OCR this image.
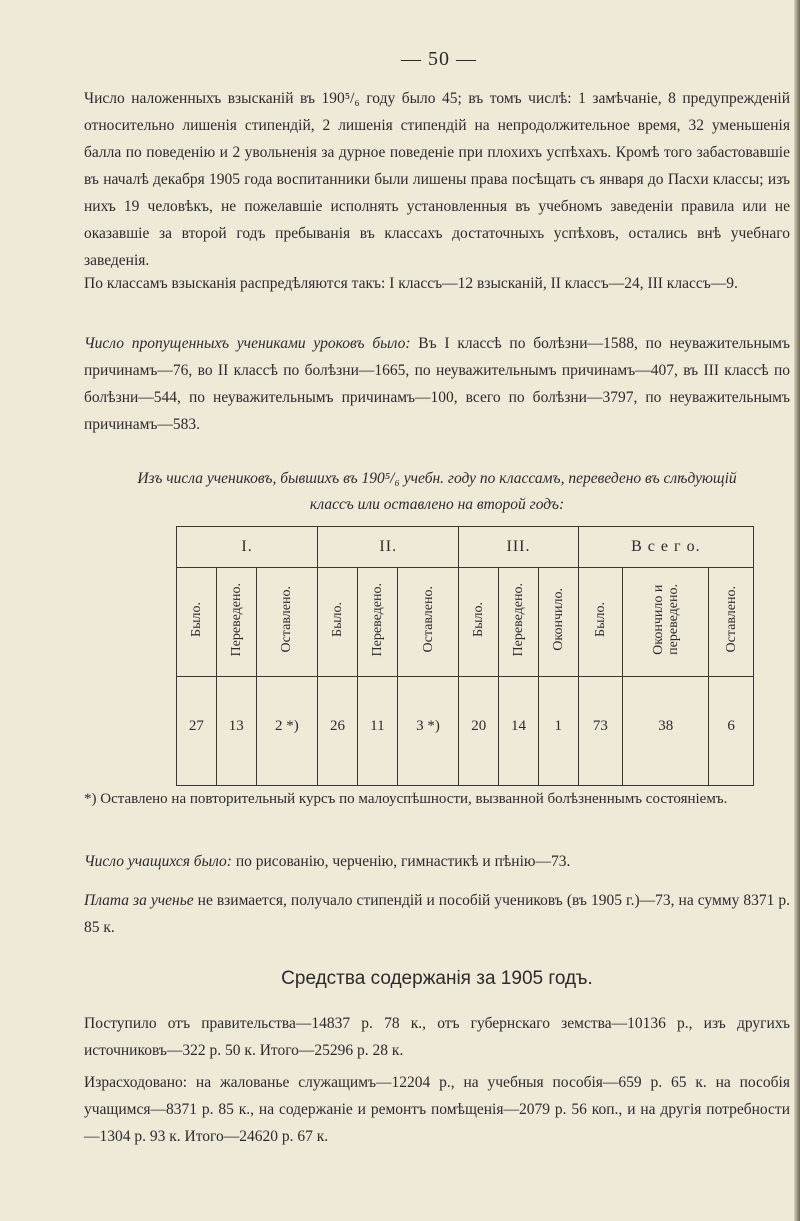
— 50 —

Число наложенныхъ взысканій въ 190⁵/₆ году было 45; въ томъ числѣ: 1 замѣчаніе, 8 предупрежденій относительно лишенія стипендій, 2 лишенія стипендій на непродолжительное время, 32 уменьшенія балла по поведенію и 2 увольненія за дурное поведеніе при плохихъ успѣхахъ. Кромѣ того забастовавшіе въ началѣ декабря 1905 года воспитанники были лишены права посѣщать съ января до Пасхи классы; изъ нихъ 19 человѣкъ, не пожелавшіе исполнять установленныя въ учебномъ заведеніи правила или не оказавшіе за второй годъ пребыванія въ классахъ достаточныхъ успѣховъ, остались внѣ учебнаго заведенія.

По классамъ взысканія распредѣляются такъ: I классъ—12 взысканій, II классъ—24, III классъ—9.

Число пропущенныхъ учениками уроковъ было: Въ I классѣ по болѣзни—1588, по неуважительнымъ причинамъ—76, во II классѣ по болѣзни—1665, по неуважительнымъ причинамъ—407, въ III классѣ по болѣзни—544, по неуважительнымъ причинамъ—100, всего по болѣзни—3797, по неуважительнымъ причинамъ—583.

Изъ числа учениковъ, бывшихъ въ 190⁵/₆ учебн. году по классамъ, переведено въ слѣдующій
классъ или оставлено на второй годъ:
I.			II.			III.			В с е г о.		
Было.	Переведено.	Оставлено.	Было.	Переведено.	Оставлено.	Было.	Переведено.	Окончило.	Было.	Окончило и
переведено.	Оставлено.
27	13	2 *)	26	11	3 *)	20	14	1	73	38	6
*) Оставлено на повторительный курсъ по малоуспѣшности, вызванной болѣзненнымъ состояніемъ.

Число учащихся было: по рисованію, черченію, гимнастикѣ и пѣнію—73.

Плата за ученье не взимается, получало стипендій и пособій учениковъ (въ 1905 г.)—73, на сумму 8371 р. 85 к.

Средства содержанія за 1905 годъ.

Поступило отъ правительства—14837 р. 78 к., отъ губернскаго земства—10136 р., изъ другихъ источниковъ—322 р. 50 к. Итого—25296 р. 28 к.

Израсходовано: на жалованье служащимъ—12204 р., на учебныя пособія—659 р. 65 к. на пособія учащимся—8371 р. 85 к., на содержаніе и ремонтъ помѣщенія—2079 р. 56 коп., и на другія потребности—1304 р. 93 к. Итого—24620 р. 67 к.
